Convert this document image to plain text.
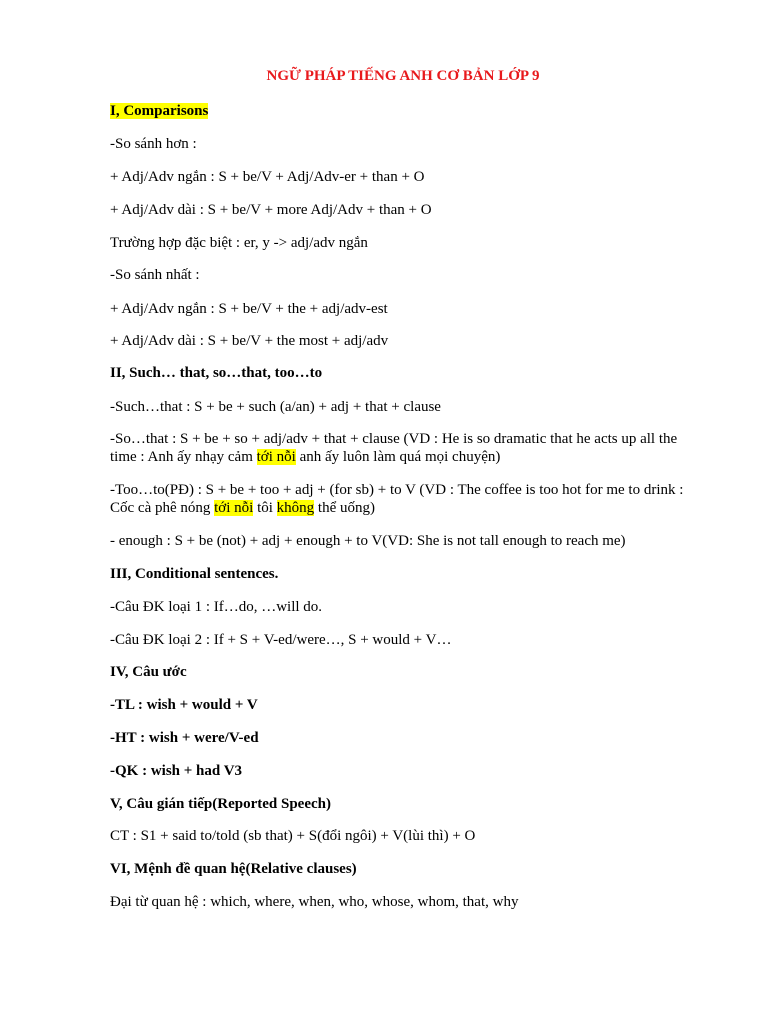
NGỮ PHÁP TIẾNG ANH CƠ BẢN LỚP 9
I, Comparisons
-So sánh hơn :
+ Adj/Adv ngắn : S + be/V + Adj/Adv-er + than + O
+ Adj/Adv dài : S + be/V + more Adj/Adv + than + O
Trường hợp đặc biệt : er, y -> adj/adv ngắn
-So sánh nhất :
+ Adj/Adv ngắn : S + be/V + the + adj/adv-est
+ Adj/Adv dài : S + be/V + the most + adj/adv
II, Such… that, so…that, too…to
-Such…that : S + be + such (a/an) + adj + that + clause
-So…that : S + be + so + adj/adv + that + clause (VD : He is so dramatic that he acts up all the time : Anh ấy nhạy cảm tới nỗi anh ấy luôn làm quá mọi chuyện)
-Too…to(PĐ) : S + be + too + adj + (for sb) + to V (VD : The coffee is too hot for me to drink : Cốc cà phê nóng tới nỗi tôi không thể uống)
- enough : S + be (not) + adj + enough + to V(VD: She is not tall enough to reach me)
III, Conditional sentences.
-Câu ĐK loại 1 : If…do, …will do.
-Câu ĐK loại 2 : If + S + V-ed/were…, S + would + V…
IV, Câu ước
-TL : wish + would + V
-HT : wish + were/V-ed
-QK : wish + had V3
V, Câu gián tiếp(Reported Speech)
CT : S1 + said to/told (sb that) + S(đổi ngôi) + V(lùi thì) + O
VI, Mệnh đề quan hệ(Relative clauses)
Đại từ quan hệ : which, where, when, who, whose, whom, that, why
